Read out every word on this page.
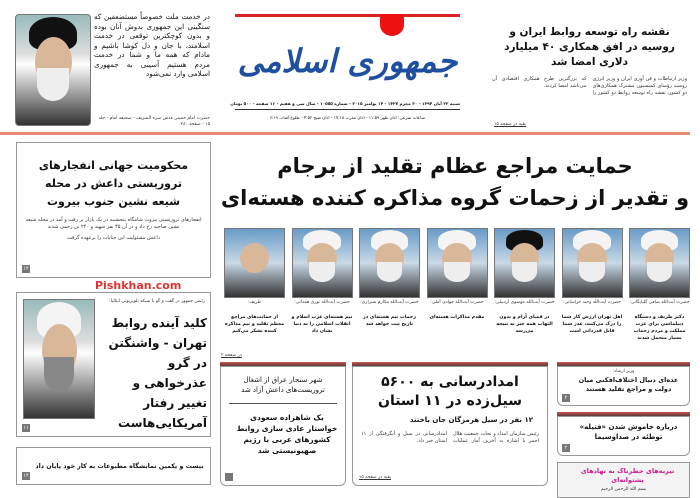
در خدمت ملت خصوصاً مستضعفین که سنگینی این جمهوری بدوش آنان بوده و بدون کوچکترین توقعی در خدمت اسلامند، با جان و دل کوشا باشیم و مادام که همه ما و شما در خدمت مردم هستیم آسیبی به جمهوری اسلامی وارد نمی‌شود
حضرت امام خمینی قدس سره الشریف - صحیفه امام - جلد ۱۵ - صفحه ۲۸۰
جمهوری اسلامی
شنبه ۲۲ آبان ۱۳۹۴ - ۳۰ محرم ۱۴۳۷ - ۱۴ نوامبر ۲۰۱۵ - شماره ۱۰۵۵۵ - سال سی و هفتم - ۱۶ صفحه - ۵۰۰ تومان
ساعات شرعی: اذان ظهر ۱۱:۵۹ - اذان مغرب ۱۷:۱۸ - اذان صبح ۴:۵۲ - طلوع آفتاب ۶:۱۹
نقشه راه توسعه روابط ایران و روسیه در افق همکاری ۴۰ میلیارد دلاری امضا شد
وزیر ارتباطات و فن آوری ایران و وزیر انرژی روسیه رؤسای کمیسیون مشترک همکاری‌های دو کشور، نقشه راه توسعه روابط دو کشور را که بزرگترین طرح همکاری اقتصادی آن می‌باشد امضا کردند.
بقیه در صفحه ۱۵
محکومیت جهانی انفجارهای تروریستی داعش در محله شیعه نشین جنوب بیروت
انفجارهای تروریستی بیروت شامگاه پنجشنبه در یک بازار پر رفت و آمد در محله شیعه نشین ضاحیه رخ داد و در آن ۴۵ نفر شهید و ۲۴۰ تن زخمی شدند
داعش مسئولیت این جنایات را برعهده گرفت
۱۴
Pishkhan.com
رئیس جمهور در گفت و گو با شبکه تلویزیونی ایتالیا:
کلید آینده روابط تهران - واشنگتن در گرو عذرخواهی و تغییر رفتار آمریکایی‌هاست
۱۱
بیست و یکمین نمایشگاه مطبوعات به کار خود پایان داد
۱۴
حمایت مراجع عظام تقلید از برجام
و تقدیر از زحمات گروه مذاکره کننده هسته‌ای
حضرت آیت‌الله صافی گلپایگانی:
دکتر ظریف و دستگاه دیپلماسی برای عزت مملکت و مردم زحمات بسیار متحمل شدند
حضرت آیت‌الله وحید خراسانی:
اهل تهران ارزش کار شما را درک می‌کنند، عذر شما قابل قدردانی است
حضرت آیت‌الله موسوی اردبیلی:
در فضای آرام و بدون التهاب همه چیز به نتیجه می‌رسد
حضرت آیت‌الله جوادی آملی:
مقدم مذاکرات هسته‌ای
حضرت آیت‌الله مکارم شیرازی:
زحمات تیم هسته‌ای در تاریخ ثبت خواهد شد
حضرت آیت‌الله نوری همدانی:
تیم هسته‌ای عزت اسلام و انقلاب اسلامی را به دنیا نشان داد
ظریف:
از حمایت‌های مراجع معظم تقلید و تیم مذاکره کننده تشکر می‌کنم
در صفحه ۲
شهر سنجار عراق از اشغال تروریست‌های داعش آزاد شد
یک شاهزاده سعودی خواستار عادی سازی روابط کشورهای عربی با رژیم صهیونیستی شد
امدادرسانی به ۵۶۰۰ سیل‌زده در ۱۱ استان
۱۲ نفر در سیل هرمزگان جان باختند
رئیس سازمان امداد و نجات جمعیت هلال احمر با اشاره به آخرین آمار عملیات امدادرسانی در سیل و آبگرفتگی از ۱۱ استان خبر داد.
بقیه در صفحه ۱۵
وزیر ارشاد:
عده‌ای دنبال اختلاف‌افکنی میان دولت و مراجع تقلید هستند
۲
درباره خاموش شدن «فتیله» توطئه در صداوسیما
۲
تیربه‌های خطرناک به نهادهای پشتوانه‌ای
بسم الله الرحمن الرحیم
